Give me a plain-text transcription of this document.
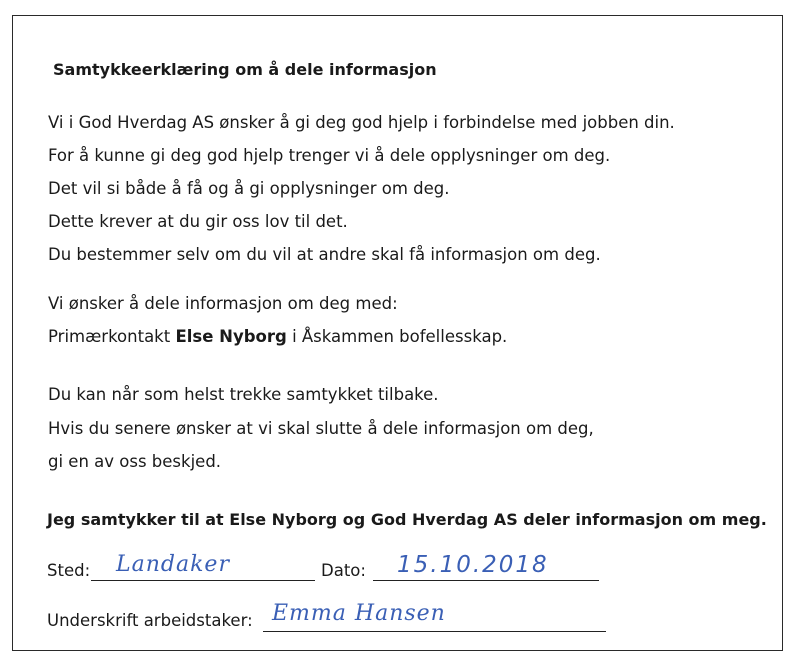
Samtykkeerklæring om å dele informasjon
Vi i God Hverdag AS ønsker å gi deg god hjelp i forbindelse med jobben din.
For å kunne gi deg god hjelp trenger vi å dele opplysninger om deg.
Det vil si både å få og å gi opplysninger om deg.
Dette krever at du gir oss lov til det.
Du bestemmer selv om du vil at andre skal få informasjon om deg.
Vi ønsker å dele informasjon om deg med:
Primærkontakt Else Nyborg i Åskammen bofellesskap.
Du kan når som helst trekke samtykket tilbake.
Hvis du senere ønsker at vi skal slutte å dele informasjon om deg,
gi en av oss beskjed.
Jeg samtykker til at Else Nyborg og God Hverdag AS deler informasjon om meg.
Sted: Landaker	Dato: 15.10.2018
Underskrift arbeidstaker: Emma Hansen
